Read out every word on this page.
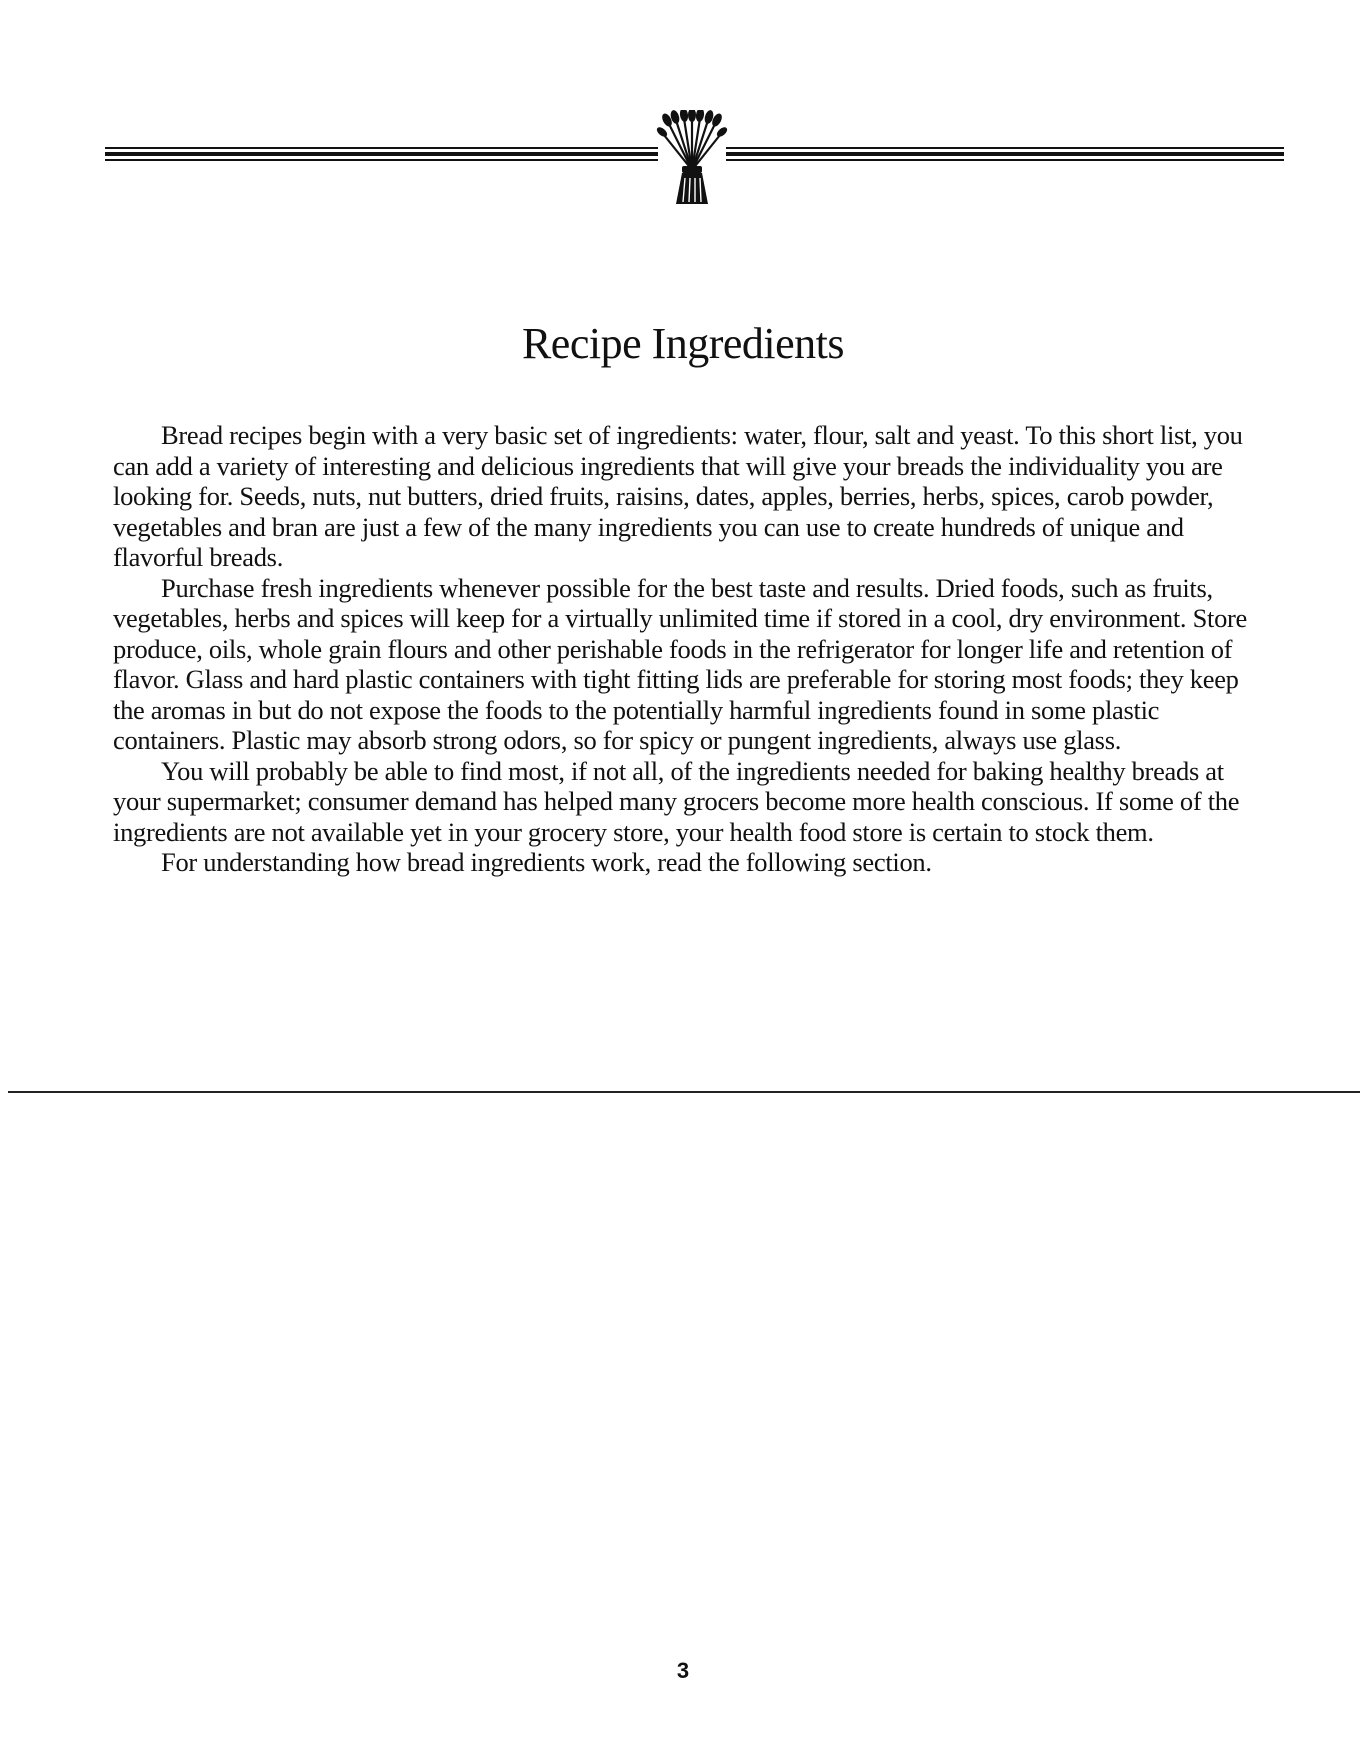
Recipe Ingredients

Bread recipes begin with a very basic set of ingredients: water, flour, salt and yeast. To this short list, you can add a variety of interesting and delicious ingredients that will give your breads the individuality you are looking for. Seeds, nuts, nut butters, dried fruits, raisins, dates, apples, berries, herbs, spices, carob powder, vegetables and bran are just a few of the many ingredients you can use to create hundreds of unique and flavorful breads.

Purchase fresh ingredients whenever possible for the best taste and results. Dried foods, such as fruits, vegetables, herbs and spices will keep for a virtually unlimited time if stored in a cool, dry environment. Store produce, oils, whole grain flours and other perishable foods in the refrigerator for longer life and retention of flavor. Glass and hard plastic containers with tight fitting lids are preferable for storing most foods; they keep the aromas in but do not expose the foods to the potentially harmful ingredients found in some plastic containers. Plastic may absorb strong odors, so for spicy or pungent ingredients, always use glass.

You will probably be able to find most, if not all, of the ingredients needed for baking healthy breads at your supermarket; consumer demand has helped many grocers become more health conscious. If some of the ingredients are not available yet in your grocery store, your health food store is certain to stock them.

For understanding how bread ingredients work, read the following section.

3
